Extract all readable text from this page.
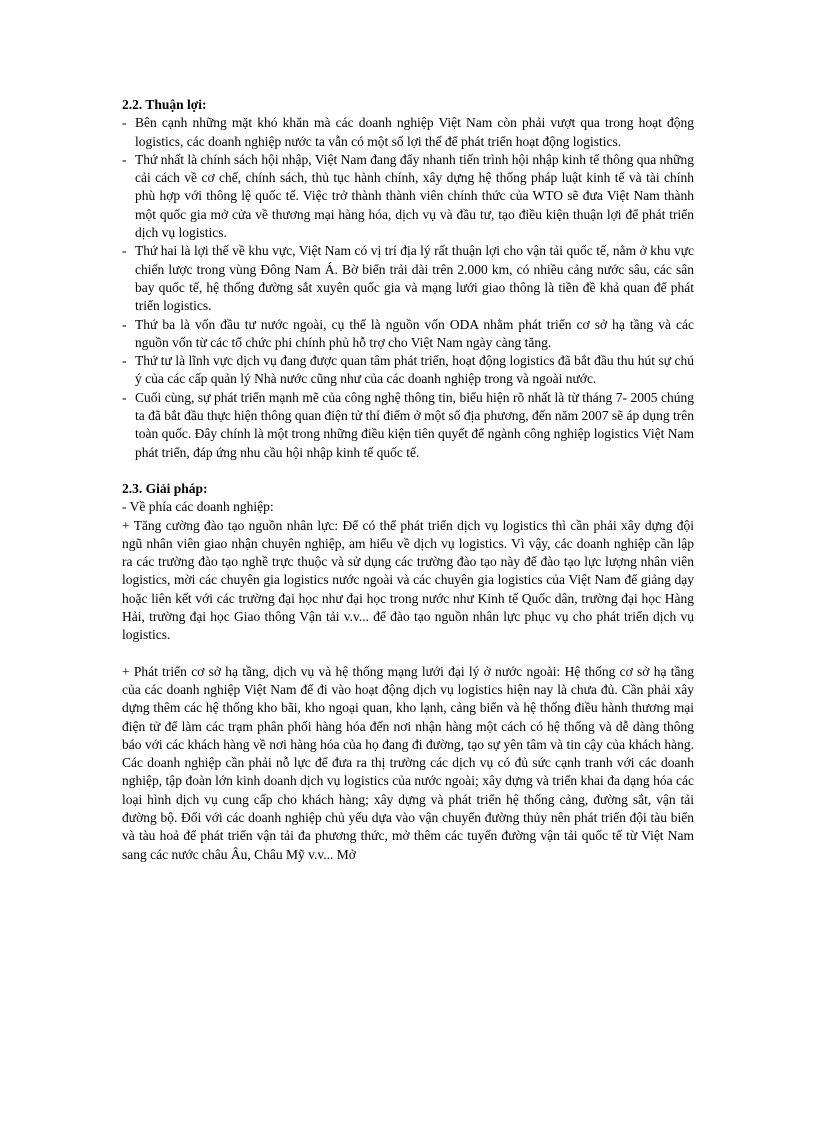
2.2. Thuận lợi:

- Bên cạnh những mặt khó khăn mà các doanh nghiệp Việt Nam còn phải vượt qua trong hoạt động logistics, các doanh nghiệp nước ta vẫn có một số lợi thế để phát triển hoạt động logistics.
- Thứ nhất là chính sách hội nhập, Việt Nam đang đẩy nhanh tiến trình hội nhập kinh tế thông qua những cải cách về cơ chế, chính sách, thủ tục hành chính, xây dựng hệ thống pháp luật kinh tế và tài chính phù hợp với thông lệ quốc tế. Việc trở thành thành viên chính thức của WTO sẽ đưa Việt Nam thành một quốc gia mở cửa về thương mại hàng hóa, dịch vụ và đầu tư, tạo điều kiện thuận lợi để phát triển dịch vụ logistics.
- Thứ hai là lợi thế về khu vực, Việt Nam có vị trí địa lý rất thuận lợi cho vận tải quốc tế, nằm ở khu vực chiến lược trong vùng Đông Nam Á. Bờ biển trải dài trên 2.000 km, có nhiều cảng nước sâu, các sân bay quốc tế, hệ thống đường sắt xuyên quốc gia và mạng lưới giao thông là tiền đề khả quan để phát triển logistics.
- Thứ ba là vốn đầu tư nước ngoài, cụ thể là nguồn vốn ODA nhằm phát triển cơ sở hạ tầng và các nguồn vốn từ các tổ chức phi chính phủ hỗ trợ cho Việt Nam ngày càng tăng.
- Thứ tư là lĩnh vực dịch vụ đang được quan tâm phát triển, hoạt động logistics đã bắt đầu thu hút sự chú ý của các cấp quản lý Nhà nước cũng như của các doanh nghiệp trong và ngoài nước.
- Cuối cùng, sự phát triển mạnh mẽ của công nghệ thông tin, biểu hiện rõ nhất là từ tháng 7- 2005 chúng ta đã bắt đầu thực hiện thông quan điện tử thí điểm ở một số địa phương, đến năm 2007 sẽ áp dụng trên toàn quốc. Đây chính là một trong những điều kiện tiên quyết để ngành công nghiệp logistics Việt Nam phát triển, đáp ứng nhu cầu hội nhập kinh tế quốc tế.

2.3. Giải pháp:

- Về phía các doanh nghiệp:

+ Tăng cường đào tạo nguồn nhân lực: Để có thể phát triển dịch vụ logistics thì cần phải xây dựng đội ngũ nhân viên giao nhận chuyên nghiệp, am hiểu về dịch vụ logistics. Vì vậy, các doanh nghiệp cần lập ra các trường đào tạo nghề trực thuộc và sử dụng các trường đào tạo này để đào tạo lực lượng nhân viên logistics, mời các chuyên gia logistics nước ngoài và các chuyên gia logistics của Việt Nam để giảng dạy hoặc liên kết với các trường đại học như đại học trong nước như Kinh tế Quốc dân, trường đại học Hàng Hải, trường đại học Giao thông Vận tải v.v... để đào tạo nguồn nhân lực phục vụ cho phát triển dịch vụ logistics.

+ Phát triển cơ sở hạ tầng, dịch vụ và hệ thống mạng lưới đại lý ở nước ngoài: Hệ thống cơ sở hạ tầng của các doanh nghiệp Việt Nam để đi vào hoạt động dịch vụ logistics hiện nay là chưa đủ. Cần phải xây dựng thêm các hệ thống kho bãi, kho ngoại quan, kho lạnh, cảng biển và hệ thống điều hành thương mại điện tử để làm các trạm phân phối hàng hóa đến nơi nhận hàng một cách có hệ thống và dễ dàng thông báo với các khách hàng về nơi hàng hóa của họ đang đi đường, tạo sự yên tâm và tin cậy của khách hàng. Các doanh nghiệp cần phải nỗ lực để đưa ra thị trường các dịch vụ có đủ sức cạnh tranh với các doanh nghiệp, tập đoàn lớn kinh doanh dịch vụ logistics của nước ngoài; xây dựng và triển khai đa dạng hóa các loại hình dịch vụ cung cấp cho khách hàng; xây dựng và phát triển hệ thống cảng, đường sắt, vận tải đường bộ. Đối với các doanh nghiệp chủ yếu dựa vào vận chuyển đường thủy nên phát triển đội tàu biển và tàu hoả để phát triển vận tải đa phương thức, mở thêm các tuyến đường vận tải quốc tế từ Việt Nam sang các nước châu Âu, Châu Mỹ v.v... Mở
